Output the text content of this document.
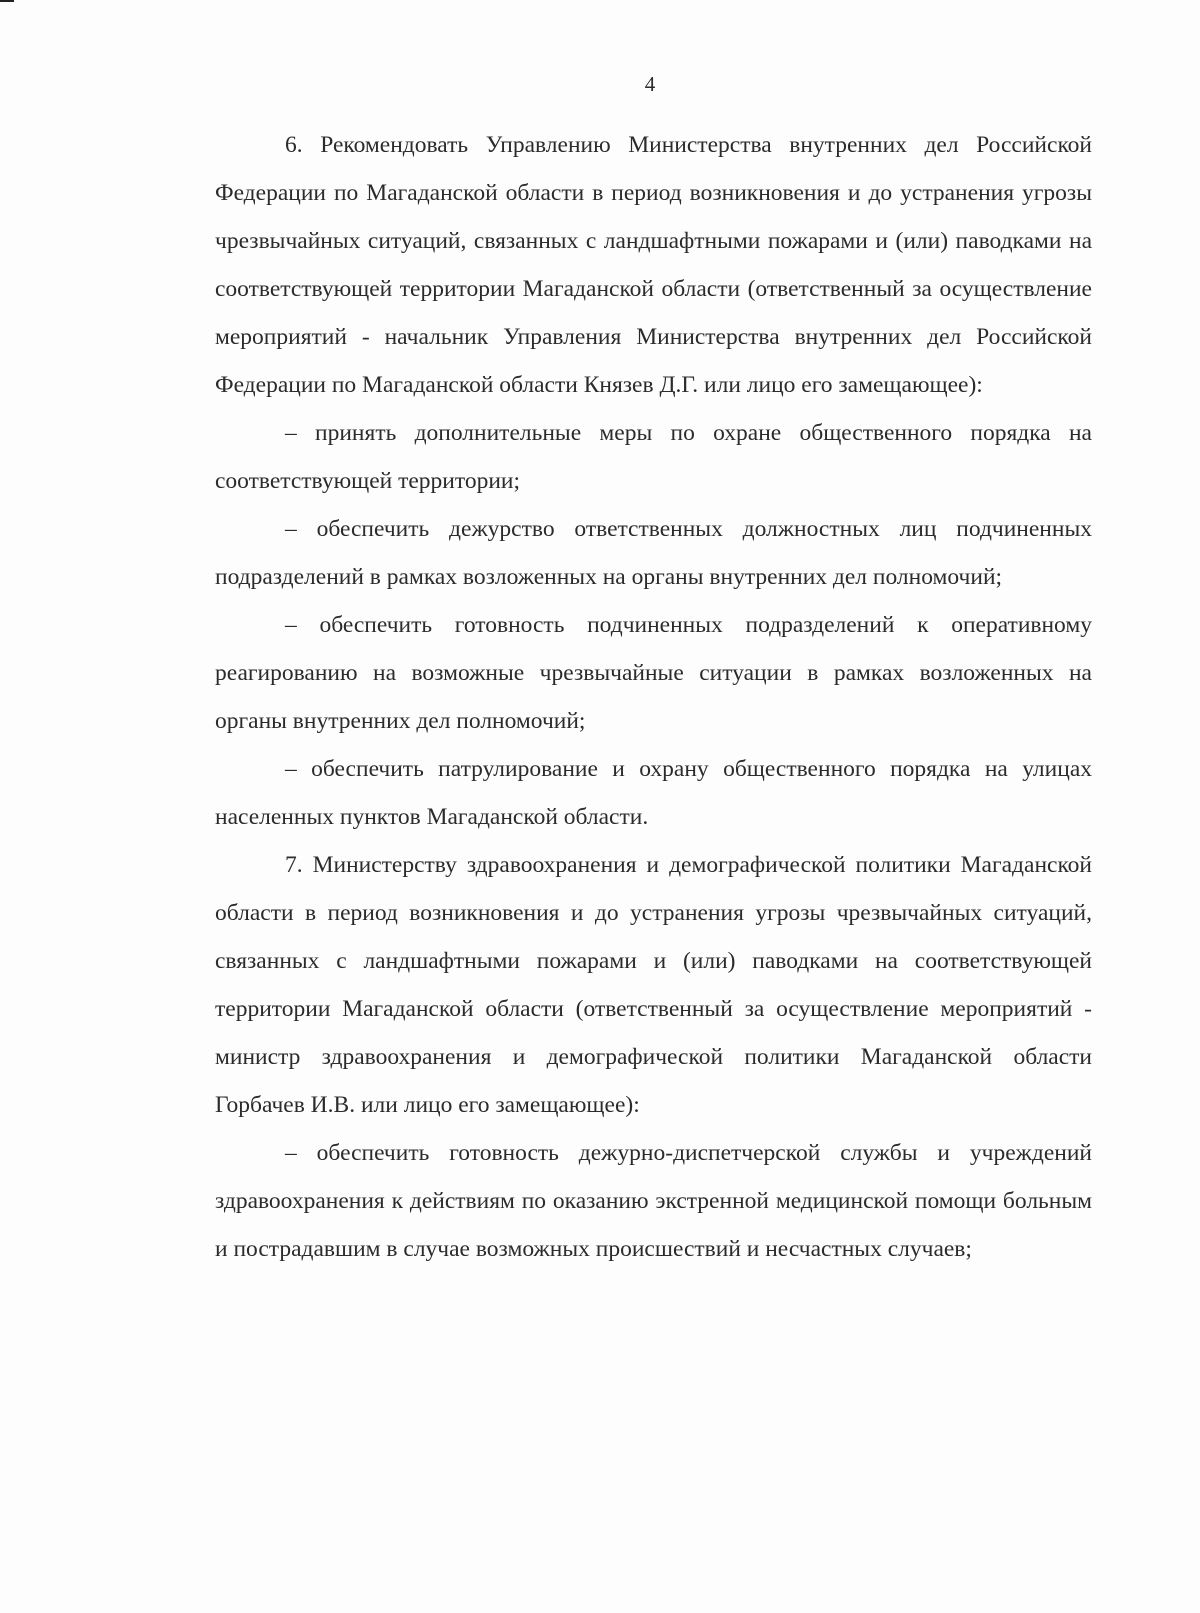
4

6. Рекомендовать Управлению Министерства внутренних дел Российской Федерации по Магаданской области в период возникновения и до устранения угрозы чрезвычайных ситуаций, связанных с ландшафтными пожарами и (или) паводками на соответствующей территории Магаданской области (ответственный за осуществление мероприятий - начальник Управления Министерства внутренних дел Российской Федерации по Магаданской области Князев Д.Г. или лицо его замещающее):

– принять дополнительные меры по охране общественного порядка на соответствующей территории;

– обеспечить дежурство ответственных должностных лиц подчиненных подразделений в рамках возложенных на органы внутренних дел полномочий;

– обеспечить готовность подчиненных подразделений к оперативному реагированию на возможные чрезвычайные ситуации в рамках возложенных на органы внутренних дел полномочий;

– обеспечить патрулирование и охрану общественного порядка на улицах населенных пунктов Магаданской области.

7. Министерству здравоохранения и демографической политики Магаданской области в период возникновения и до устранения угрозы чрезвычайных ситуаций, связанных с ландшафтными пожарами и (или) паводками на соответствующей территории Магаданской области (ответственный за осуществление мероприятий - министр здравоохранения и демографической политики Магаданской области Горбачев И.В. или лицо его замещающее):

– обеспечить готовность дежурно-диспетчерской службы и учреждений здравоохранения к действиям по оказанию экстренной медицинской помощи больным и пострадавшим в случае возможных происшествий и несчастных случаев;
